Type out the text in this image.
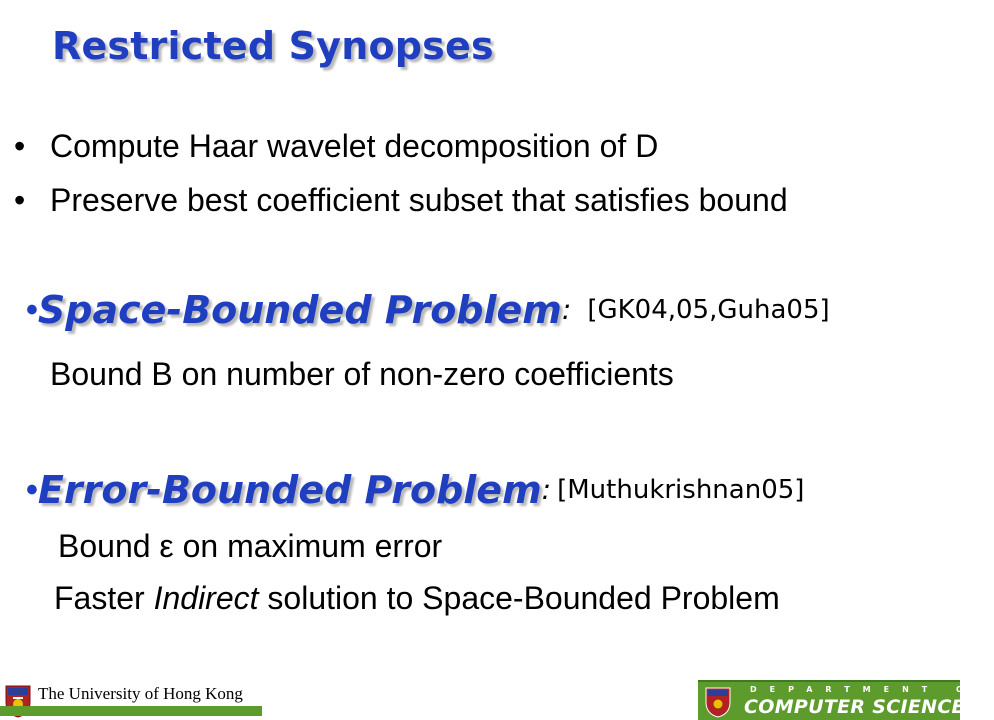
Restricted Synopses
• Compute Haar wavelet decomposition of D
• Preserve best coefficient subset that satisfies bound
•Space-Bounded Problem: [GK04,05,Guha05]
Bound B on number of non-zero coefficients
•Error-Bounded Problem: [Muthukrishnan05]
Bound ε on maximum error
Faster Indirect solution to Space-Bounded Problem
The University of Hong Kong	DEPARTMENT OF
COMPUTER SCIENCE
